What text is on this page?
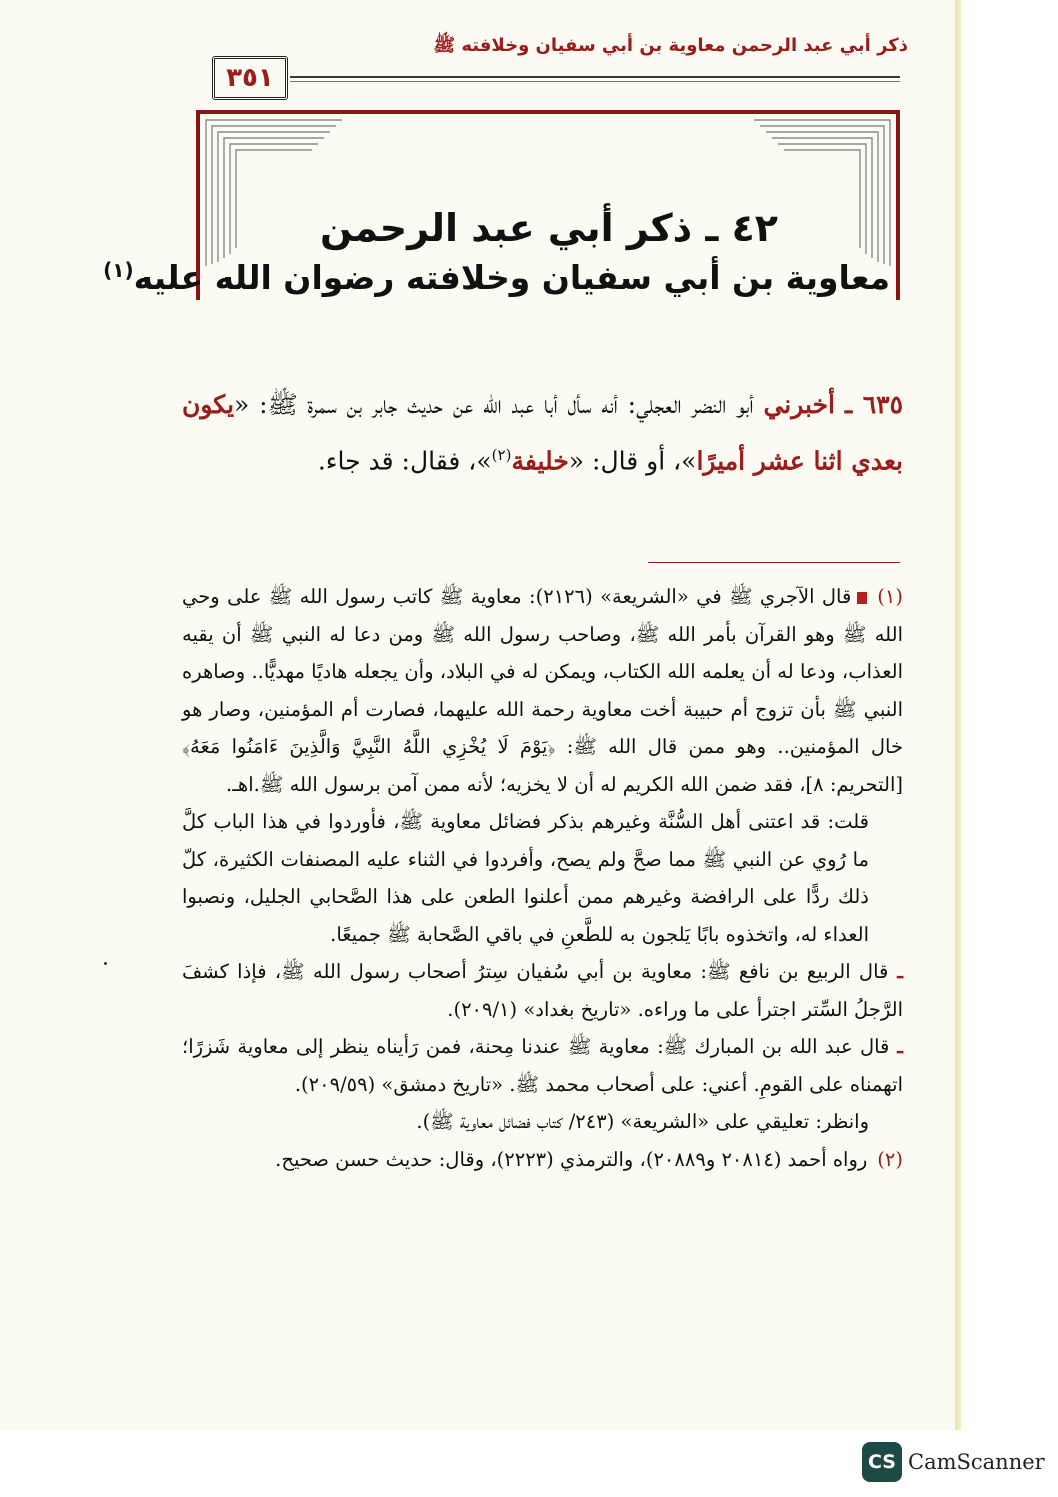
ذكر أبي عبد الرحمن معاوية بن أبي سفيان وخلافته ﷺ
٣٥١
٤٢ ـ ذكر أبي عبد الرحمن
معاوية بن أبي سفيان وخلافته رضوان الله عليه$^{(١)}$
٦٣٥ ـ أخبرني أبو النضر العجلي: أنه سأل أبا عبد الله عن حديث جابر بن سمرة ﷺ: «يكون بعدي اثنا عشر أميرًا»، أو قال: «خليفة$^{(٢)}$»، فقال: قد جاء.

(١)قال الآجري ﷺ في «الشريعة» (٢١٢٦): معاوية ﷺ كاتب رسول الله ﷺ على وحي الله ﷺ وهو القرآن بأمر الله ﷺ، وصاحب رسول الله ﷺ ومن دعا له النبي ﷺ أن يقيه العذاب، ودعا له أن يعلمه الله الكتاب، ويمكن له في البلاد، وأن يجعله هاديًا مهديًّا.. وصاهره النبي ﷺ بأن تزوج أم حبيبة أخت معاوية رحمة الله عليهما، فصارت أم المؤمنين، وصار هو خال المؤمنين.. وهو ممن قال الله ﷺ: ﴿يَوْمَ لَا يُخْزِي اللَّهُ النَّبِيَّ وَالَّذِينَ ءَامَنُوا مَعَهُ﴾ [التحريم: ٨]، فقد ضمن الله الكريم له أن لا يخزيه؛ لأنه ممن آمن برسول الله ﷺ.اهـ.

قلت: قد اعتنى أهل السُّنَّة وغيرهم بذكر فضائل معاوية ﷺ، فأوردوا في هذا الباب كلَّ ما رُوي عن النبي ﷺ مما صحَّ ولم يصح، وأفردوا في الثناء عليه المصنفات الكثيرة، كلّ ذلك ردًّا على الرافضة وغيرهم ممن أعلنوا الطعن على هذا الصَّحابي الجليل، ونصبوا العداء له، واتخذوه بابًا يَلجون به للطَّعنِ في باقي الصَّحابة ﷺ جميعًا.

ـ قال الربيع بن نافع ﷺ: معاوية بن أبي سُفيان سِترُ أصحاب رسول الله ﷺ، فإذا كشفَ الرَّجلُ السِّتر اجترأ على ما وراءه. «تاريخ بغداد» (٢٠٩/١).

ـ قال عبد الله بن المبارك ﷺ: معاوية ﷺ عندنا مِحنة، فمن رَأيناه ينظر إلى معاوية شَزرًا؛ اتهمناه على القومِ. أعني: على أصحاب محمد ﷺ. «تاريخ دمشق» (٢٠٩/٥٩).

وانظر: تعليقي على «الشريعة» (٢٤٣/ كتاب فضائل معاوية ﷺ).

(٢)رواه أحمد (٢٠٨١٤ و٢٠٨٨٩)، والترمذي (٢٢٢٣)، وقال: حديث حسن صحيح.

CS CamScanner
